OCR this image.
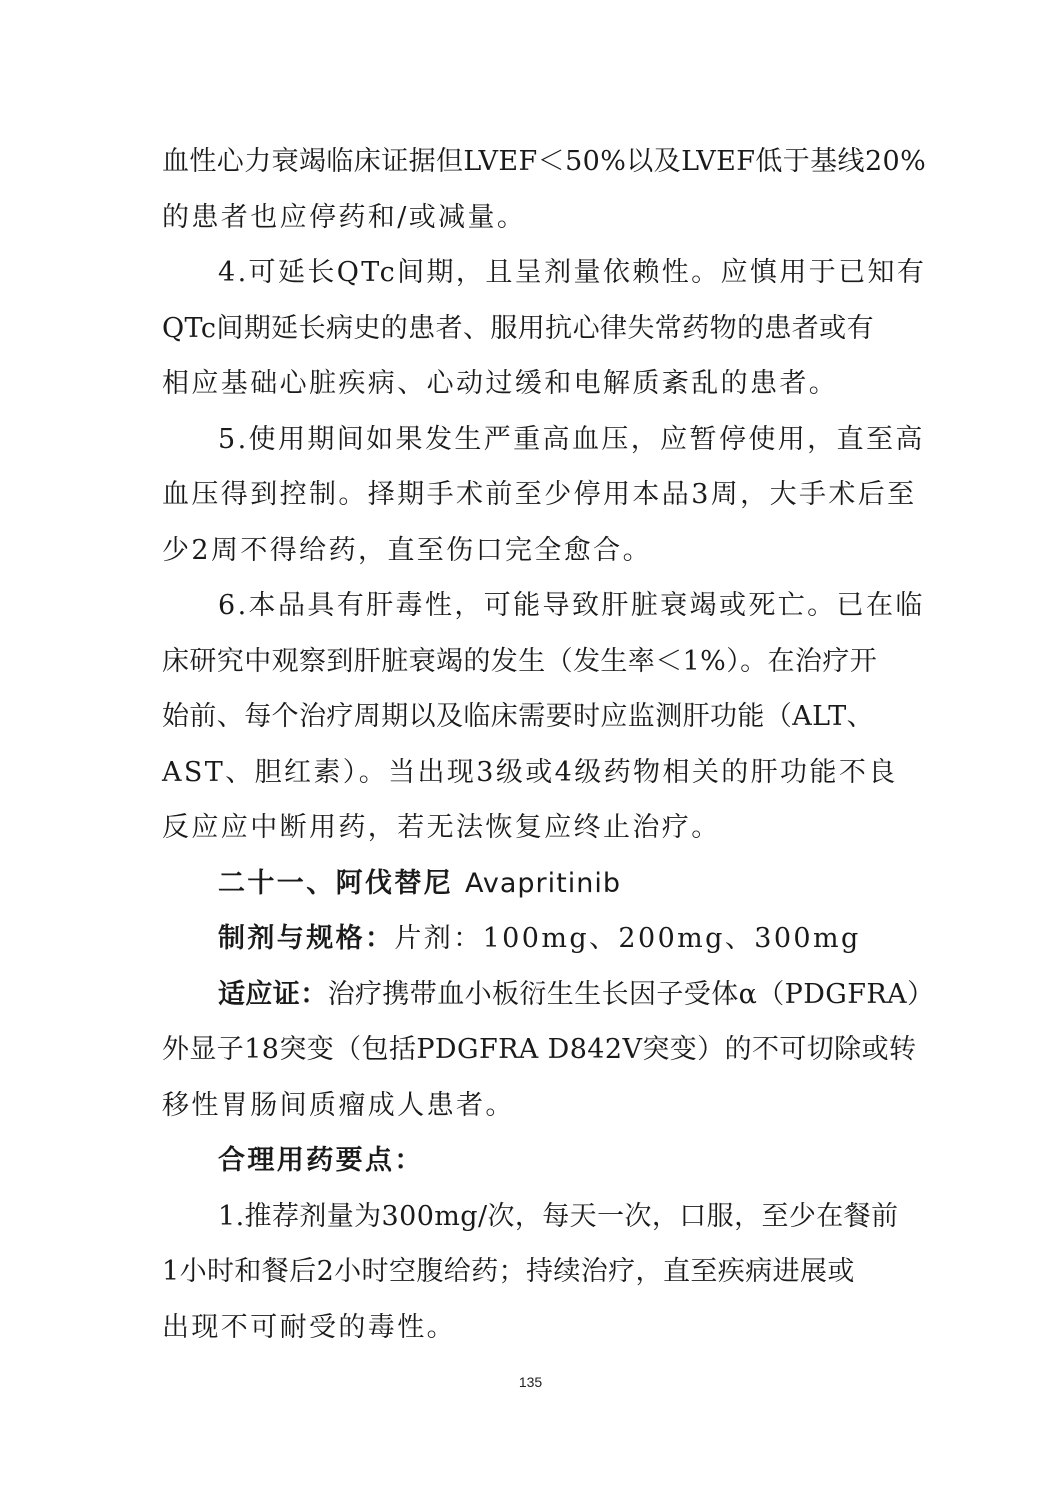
血性心力衰竭临床证据但LVEF＜50%以及LVEF低于基线20%
的患者也应停药和/或减量。
4.可延长QTc间期，且呈剂量依赖性。应慎用于已知有
QTc间期延长病史的患者、服用抗心律失常药物的患者或有
相应基础心脏疾病、心动过缓和电解质紊乱的患者。
5.使用期间如果发生严重高血压，应暂停使用，直至高
血压得到控制。择期手术前至少停用本品3周，大手术后至
少2周不得给药，直至伤口完全愈合。
6.本品具有肝毒性，可能导致肝脏衰竭或死亡。已在临
床研究中观察到肝脏衰竭的发生（发生率＜1%）。在治疗开
始前、每个治疗周期以及临床需要时应监测肝功能（ALT、
AST、胆红素）。当出现3级或4级药物相关的肝功能不良
反应应中断用药，若无法恢复应终止治疗。
二十一、阿伐替尼 Avapritinib
制剂与规格：片剂：100mg、200mg、300mg
适应证：治疗携带血小板衍生生长因子受体α（PDGFRA）
外显子18突变（包括PDGFRA D842V突变）的不可切除或转
移性胃肠间质瘤成人患者。
合理用药要点：
1.推荐剂量为300mg/次，每天一次，口服，至少在餐前
1小时和餐后2小时空腹给药；持续治疗，直至疾病进展或
出现不可耐受的毒性。
135
